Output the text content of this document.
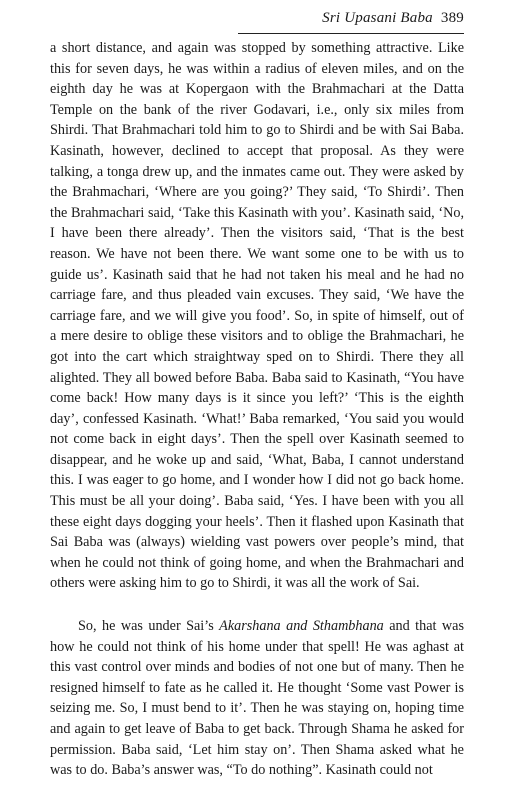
Sri Upasani Baba 389

a short distance, and again was stopped by something attractive. Like this for seven days, he was within a radius of eleven miles, and on the eighth day he was at Kopergaon with the Brahmachari at the Datta Temple on the bank of the river Godavari, i.e., only six miles from Shirdi. That Brahmachari told him to go to Shirdi and be with Sai Baba. Kasinath, however, declined to accept that proposal. As they were talking, a tonga drew up, and the inmates came out. They were asked by the Brahmachari, ‘Where are you going?’ They said, ‘To Shirdi’. Then the Brahmachari said, ‘Take this Kasinath with you’. Kasinath said, ‘No, I have been there already’. Then the visitors said, ‘That is the best reason. We have not been there. We want some one to be with us to guide us’. Kasinath said that he had not taken his meal and he had no carriage fare, and thus pleaded vain excuses. They said, ‘We have the carriage fare, and we will give you food’. So, in spite of himself, out of a mere desire to oblige these visitors and to oblige the Brahmachari, he got into the cart which straightway sped on to Shirdi. There they all alighted. They all bowed before Baba. Baba said to Kasinath, “You have come back! How many days is it since you left?’ ‘This is the eighth day’, confessed Kasinath. ‘What!’ Baba remarked, ‘You said you would not come back in eight days’. Then the spell over Kasinath seemed to disappear, and he woke up and said, ‘What, Baba, I cannot understand this. I was eager to go home, and I wonder how I did not go back home. This must be all your doing’. Baba said, ‘Yes. I have been with you all these eight days dogging your heels’. Then it flashed upon Kasinath that Sai Baba was (always) wielding vast powers over people’s mind, that when he could not think of going home, and when the Brahmachari and others were asking him to go to Shirdi, it was all the work of Sai.

So, he was under Sai’s Akarshana and Sthambhana and that was how he could not think of his home under that spell! He was aghast at this vast control over minds and bodies of not one but of many. Then he resigned himself to fate as he called it. He thought ‘Some vast Power is seizing me. So, I must bend to it’. Then he was staying on, hoping time and again to get leave of Baba to get back. Through Shama he asked for permission. Baba said, ‘Let him stay on’. Then Shama asked what he was to do. Baba’s answer was, “To do nothing”. Kasinath could not
